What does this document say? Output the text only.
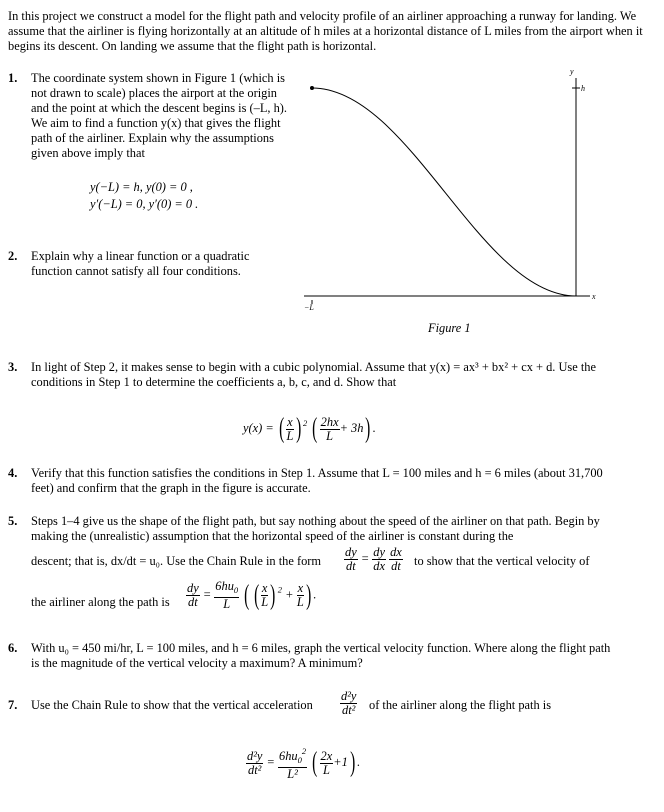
In this project we construct a model for the flight path and velocity profile of an airliner approaching a runway for landing. We assume that the airliner is flying horizontally at an altitude of h miles at a horizontal distance of L miles from the airport when it begins its descent. On landing we assume that the flight path is horizontal.
1. The coordinate system shown in Figure 1 (which is not drawn to scale) places the airport at the origin and the point at which the descent begins is (–L, h). We aim to find a function y(x) that gives the flight path of the airliner. Explain why the assumptions given above imply that
y(−L) = h, y(0) = 0 ,
y′(−L) = 0, y′(0) = 0 .
2. Explain why a linear function or a quadratic function cannot satisfy all four conditions.
y
x
h
−L
Figure 1
3. In light of Step 2, it makes sense to begin with a cubic polynomial. Assume that y(x) = ax³ + bx² + cx + d. Use the conditions in Step 1 to determine the coefficients a, b, c, and d. Show that
y(x) = ( $\frac{x}{L}$ ) $^2$ ( $\frac{2hx}{L} + 3h$) .
4. Verify that this function satisfies the conditions in Step 1. Assume that L = 100 miles and h = 6 miles (about 31,700 feet) and confirm that the graph in the figure is accurate.
5. Steps 1–4 give us the shape of the flight path, but say nothing about the speed of the airliner on that path. Begin by making the (unrealistic) assumption that the horizontal speed of the airliner is constant during the
descent; that is, dx/dt = u₀. Use the Chain Rule in the form $\frac{dy}{dt} = \frac{dy}{dx}$
$\frac{dx}{dt}$ to show that the vertical velocity of
the airliner along the path is $\frac{dy}{dt} = \frac{6hu_0}{L}$ ( ( $\frac{x}{L}$ ) $^2 + \frac{x}{L}$ ) .
6. With u₀ = 450 mi/hr, L = 100 miles, and h = 6 miles, graph the vertical velocity function. Where along the flight path is the magnitude of the vertical velocity a maximum? A minimum?
7. Use the Chain Rule to show that the vertical acceleration	$\frac{\text{d²y}}{\text{dt²}}$ of the airliner along the flight path is
$\frac{\text{d²y}}{\text{dt²}} = \frac{6hu_0^2}{\text{L²}}$ ( $\frac{2x}{L} +1$) .
